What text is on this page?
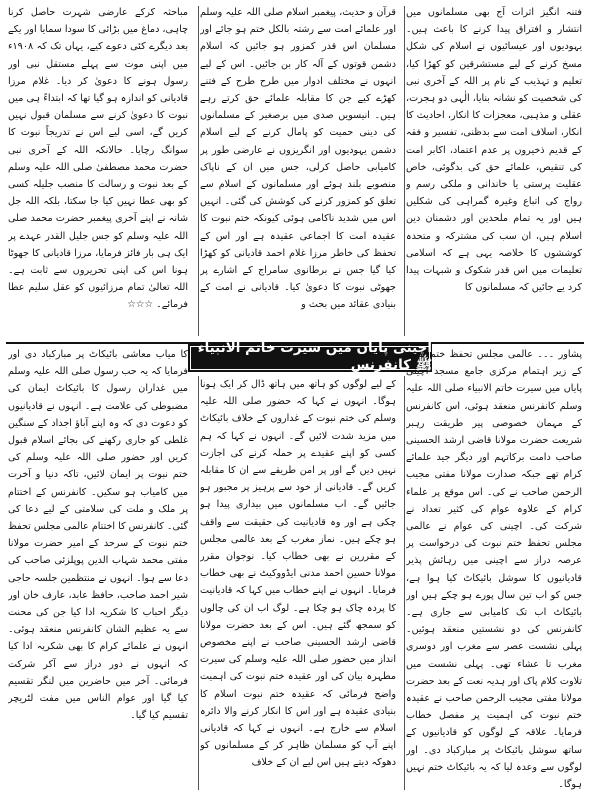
فتنہ انگیز اثرات آج بھی مسلمانوں میں انتشار و افتراق پیدا کرنے کا باعث ہیں۔ یہودیوں اور عیسائیوں نے اسلام کی شکل مسخ کرنے کے لیے مستشرقین کو کھڑا کیا، تعلیم و تہذیب کے نام پر اللہ کے آخری نبی کی شخصیت کو نشانہ بنایا، الٰہی دو ہجرت، عقلی و مذہبی، معجزات کا انکار، احادیث کا انکار، اسلاف امت سے بدظنی، تفسیر و فقہ کے قدیم ذخیروں پر عدم اعتماد، اکابر امت کی تنقیص، علمائے حق کی بدگوئی، خاص عقلیت پرستی یا خاندانی و ملکی رسم و رواج کی اتباع وغیرہ گمراہی کی شکلیں ہیں اور یہ تمام ملحدین اور دشمنان دین اسلام ہیں، ان سب کی مشترکہ و متحدہ کوششوں کا خلاصہ یہی ہے کہ اسلامی تعلیمات میں اس قدر شکوک و شبہات پیدا کرد یے جائیں کہ مسلمانوں کا

قرآن و حدیث، پیغمبر اسلام صلی اللہ علیہ وسلم اور علمائے امت سے رشتہ بالکل ختم ہو جائے اور مسلمان اس قدر کمزور ہو جائیں کہ اسلام دشمن قوتوں کے آلہ کار بن جائیں۔ اس کے لیے انہوں نے مختلف ادوار میں طرح طرح کے فتنے کھڑے کیے جن کا مقابلہ علمائے حق کرتے رہے ہیں۔ انیسویں صدی میں برصغیر کے مسلمانوں کی دینی حمیت کو پامال کرنے کے لیے اسلام دشمن یہودیوں اور انگریزوں نے عارضی طور پر کامیابی حاصل کرلی، جس میں ان کے ناپاک منصوبے بلند ہوئے اور مسلمانوں کے اسلام سے تعلق کو کمزور کرنے کی کوشش کی گئی۔ انہیں اس میں شدید ناکامی ہوئی کیونکہ ختم نبوت کا عقیدہ امت کا اجماعی عقیدہ ہے اور اس کے تحفظ کی خاطر مرزا غلام احمد قادیانی کو کھڑا کیا گیا جس نے برطانوی سامراج کے اشارے پر جھوٹی نبوت کا دعویٰ کیا۔ قادیانی نے امت کے بنیادی عقائد میں بحث و

مباحثہ کرکے عارضی شہرت حاصل کرنا چاہی، دماغ میں بڑائی کا سودا سمایا اور یکے بعد دیگرے کئی دعوے کیے، یہاں تک کہ ۱۹۰۸ء میں اپنی موت سے پہلے مستقل نبی اور رسول ہونے کا دعویٰ کر دیا۔ غلام مرزا قادیانی کو اندازہ ہو گیا تھا کہ ابتداءً ہی میں نبوت کا دعویٰ کرنے سے مسلمان قبول نہیں کریں گے، اسی لیے اس نے تدریجاً نبوت کا سوانگ رچایا۔ حالانکہ اللہ کے آخری نبی حضرت محمد مصطفیٰ صلی اللہ علیہ وسلم کے بعد نبوت و رسالت کا منصب جلیلہ کسی کو بھی عطا نہیں کیا جا سکتا، بلکہ اللہ جل شانہ نے اپنے آخری پیغمبر حضرت محمد صلی اللہ علیہ وسلم کو جس جلیل القدر عہدے پر ایک ہی بار فائز فرمایا، مرزا قادیانی کا جھوٹا ہونا اس کی اپنی تحریروں سے ثابت ہے۔ اللہ تعالیٰ تمام مرزائیوں کو عقل سلیم عطا فرمائے۔ ☆☆☆

اچینی پایاں میں سیرت خاتم الانبیاء ﷺ کانفرنس

پشاور ۔۔۔ عالمی مجلس تحفظ ختم نبوت کے زیر اہتمام مرکزی جامع مسجد اچینی پایاں میں سیرت خاتم الانبیاء صلی اللہ علیہ وسلم کانفرنس منعقد ہوئی، اس کانفرنس کے مہمان خصوصی پیر طریقت رہبر شریعت حضرت مولانا قاضی ارشد الحسینی صاحب دامت برکاتہم اور دیگر جید علمائے کرام تھے جبکہ صدارت مولانا مفتی مجیب الرحمن صاحب نے کی۔ اس موقع پر علماء کرام کے علاوہ عوام کی کثیر تعداد نے شرکت کی۔ اچینی کی عوام نے عالمی مجلس تحفظ ختم نبوت کی درخواست پر عرصہ دراز سے اچینی میں رہائش پذیر قادیانیوں کا سوشل بائیکاٹ کیا ہوا ہے، جس کو اب تین سال پورے ہو چکے ہیں اور بائیکاٹ اب تک کامیابی سے جاری ہے۔ کانفرنس کی دو نشستیں منعقد ہوئیں۔ پہلی نشست عصر سے مغرب اور دوسری مغرب تا عشاء تھی۔ پہلی نشست میں تلاوت کلام پاک اور ہدیہ نعت کے بعد حضرت مولانا مفتی مجیب الرحمن صاحب نے عقیدہ ختم نبوت کی اہمیت پر مفصل خطاب فرمایا۔ علاقہ کے لوگوں کو قادیانیوں کے ساتھ سوشل بائیکاٹ پر مبارکباد دی۔ اور لوگوں سے وعدہ لیا کہ یہ بائیکاٹ ختم نہیں ہوگا۔

کے لیے لوگوں کو ہاتھ میں ہاتھ ڈال کر ایک ہونا ہوگا۔ انہوں نے کہا کہ حضور صلی اللہ علیہ وسلم کی ختم نبوت کے غداروں کے خلاف بائیکاٹ میں مزید شدت لائیں گے۔ انہوں نے کہا کہ ہم کسی کو اپنے عقیدے پر حملہ کرنے کی اجازت نہیں دیں گے اور پر امن طریقے سے ان کا مقابلہ کریں گے۔ قادیانی از خود سے پرہیز پر مجبور ہو جائیں گے۔ اب مسلمانوں میں بیداری پیدا ہو چکی ہے اور وہ قادیانیت کی حقیقت سے واقف ہو چکے ہیں۔ نماز مغرب کے بعد عالمی مجلس کے مقررین نے بھی خطاب کیا۔ نوجوان مقرر مولانا حسین احمد مدنی ایڈووکیٹ نے بھی خطاب فرمایا۔ انہوں نے اپنے خطاب میں کہا کہ قادیانیت کا پردہ چاک ہو چکا ہے۔ لوگ اب ان کی چالوں کو سمجھ گئے ہیں۔ اس کے بعد حضرت مولانا قاضی ارشد الحسینی صاحب نے اپنے مخصوص انداز میں حضور صلی اللہ علیہ وسلم کی سیرت مطہرہ بیان کی اور عقیدہ ختم نبوت کی اہمیت واضح فرمائی کہ عقیدہ ختم نبوت اسلام کا بنیادی عقیدہ ہے اور اس کا انکار کرنے والا دائرہ اسلام سے خارج ہے۔ انہوں نے کہا کہ قادیانی اپنے آپ کو مسلمان ظاہر کر کے مسلمانوں کو دھوکہ دیتے ہیں اس لیے ان کے خلاف

کا میاب معاشی بائیکاٹ پر مبارکباد دی اور فرمایا کہ یہ حب رسول صلی اللہ علیہ وسلم میں غداران رسول کا بائیکاٹ ایمان کی مضبوطی کی علامت ہے۔ انہوں نے قادیانیوں کو دعوت دی کہ وہ اپنے آباؤ اجداد کے سنگین غلطی کو جاری رکھنے کی بجائے اسلام قبول کریں اور حضور صلی اللہ علیہ وسلم کی ختم نبوت پر ایمان لائیں، تاکہ دنیا و آخرت میں کامیاب ہو سکیں۔ کانفرنس کے اختتام پر ملک و ملت کی سلامتی کے لیے دعا کی گئی۔ کانفرنس کا اختتام عالمی مجلس تحفظ ختم نبوت کے سرحد کے امیر حضرت مولانا مفتی محمد شہاب الدین پوپلزئی صاحب کی دعا سے ہوا۔ انہوں نے منتظمین جلسہ حاجی شیر احمد صاحب، حافظ عابد، عارف خان اور دیگر احباب کا شکریہ ادا کیا جن کی محنت سے یہ عظیم الشان کانفرنس منعقد ہوئی۔ انہوں نے علمائے کرام کا بھی شکریہ ادا کیا کہ انہوں نے دور دراز سے آکر شرکت فرمائی۔ آخر میں حاضرین میں لنگر تقسیم کیا گیا اور عوام الناس میں مفت لٹریچر تقسیم کیا گیا۔
